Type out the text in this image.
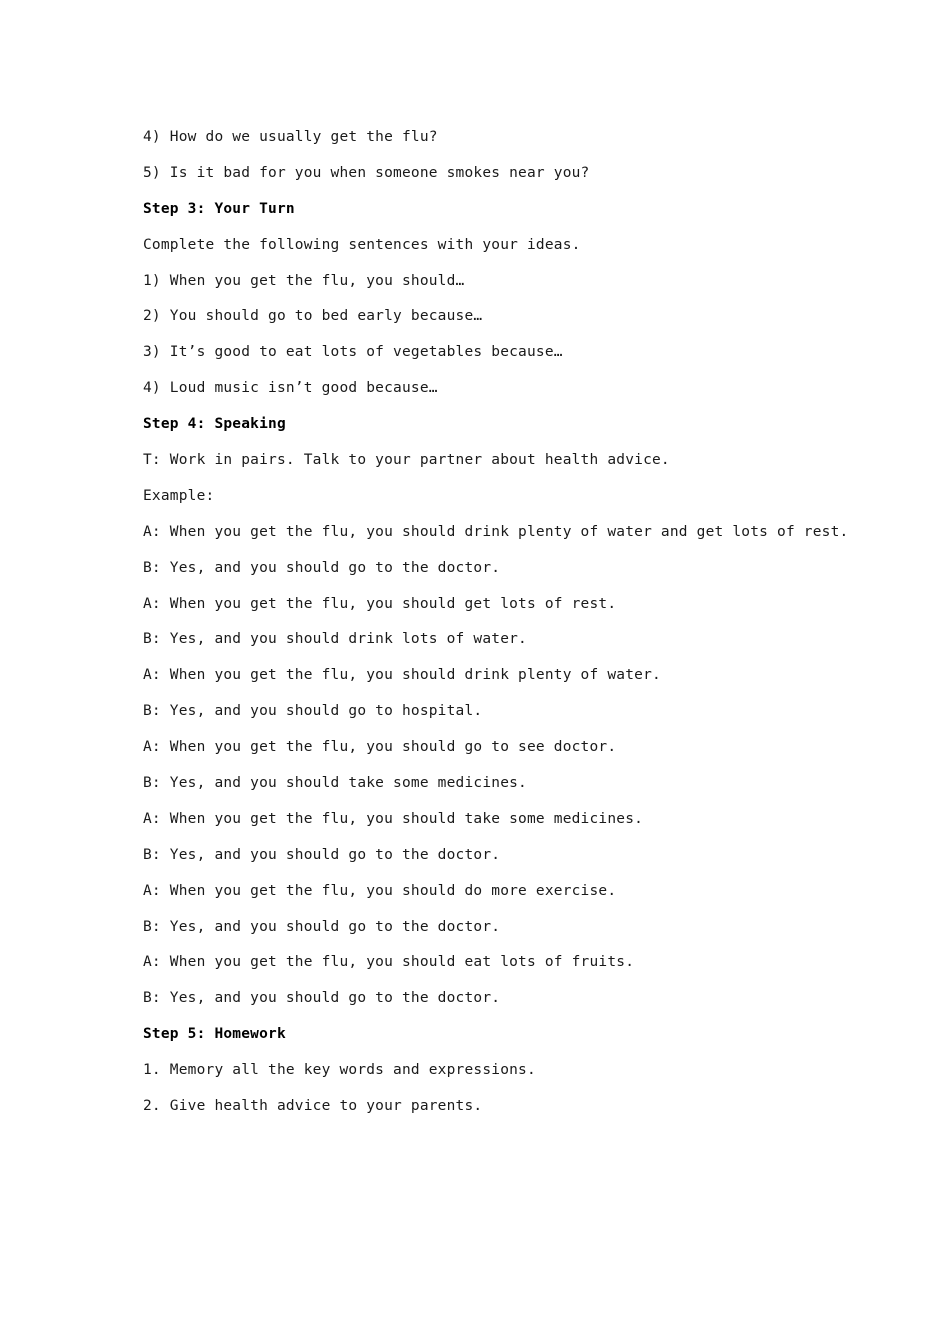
4) How do we usually get the flu?
5) Is it bad for you when someone smokes near you?
Step 3: Your Turn
Complete the following sentences with your ideas.
1) When you get the flu, you should…
2) You should go to bed early because…
3) It’s good to eat lots of vegetables because…
4) Loud music isn’t good because…
Step 4: Speaking
T: Work in pairs. Talk to your partner about health advice.
Example:
A: When you get the flu, you should drink plenty of water and get lots of rest.
B: Yes, and you should go to the doctor.
A: When you get the flu, you should get lots of rest.
B: Yes, and you should drink lots of water.
A: When you get the flu, you should drink plenty of water.
B: Yes, and you should go to hospital.
A: When you get the flu, you should go to see doctor.
B: Yes, and you should take some medicines.
A: When you get the flu, you should take some medicines.
B: Yes, and you should go to the doctor.
A: When you get the flu, you should do more exercise.
B: Yes, and you should go to the doctor.
A: When you get the flu, you should eat lots of fruits.
B: Yes, and you should go to the doctor.
Step 5: Homework
1. Memory all the key words and expressions.
2. Give health advice to your parents.
